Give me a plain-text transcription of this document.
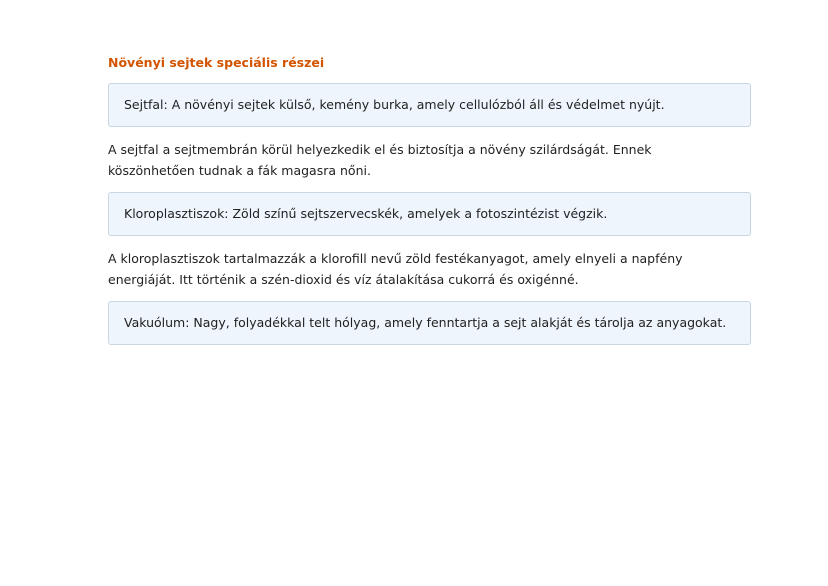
Növényi sejtek speciális részei
Sejtfal: A növényi sejtek külső, kemény burka, amely cellulózból áll és védelmet nyújt.

A sejtfal a sejtmembrán körül helyezkedik el és biztosítja a növény szilárdságát. Ennek köszönhetően tudnak a fák magasra nőni.

Kloroplasztiszok: Zöld színű sejtszervecskék, amelyek a fotoszintézist végzik.

A kloroplasztiszok tartalmazzák a klorofill nevű zöld festékanyagot, amely elnyeli a napfény energiáját. Itt történik a szén-dioxid és víz átalakítása cukorrá és oxigénné.

Vakuólum: Nagy, folyadékkal telt hólyag, amely fenntartja a sejt alakját és tárolja az anyagokat.
